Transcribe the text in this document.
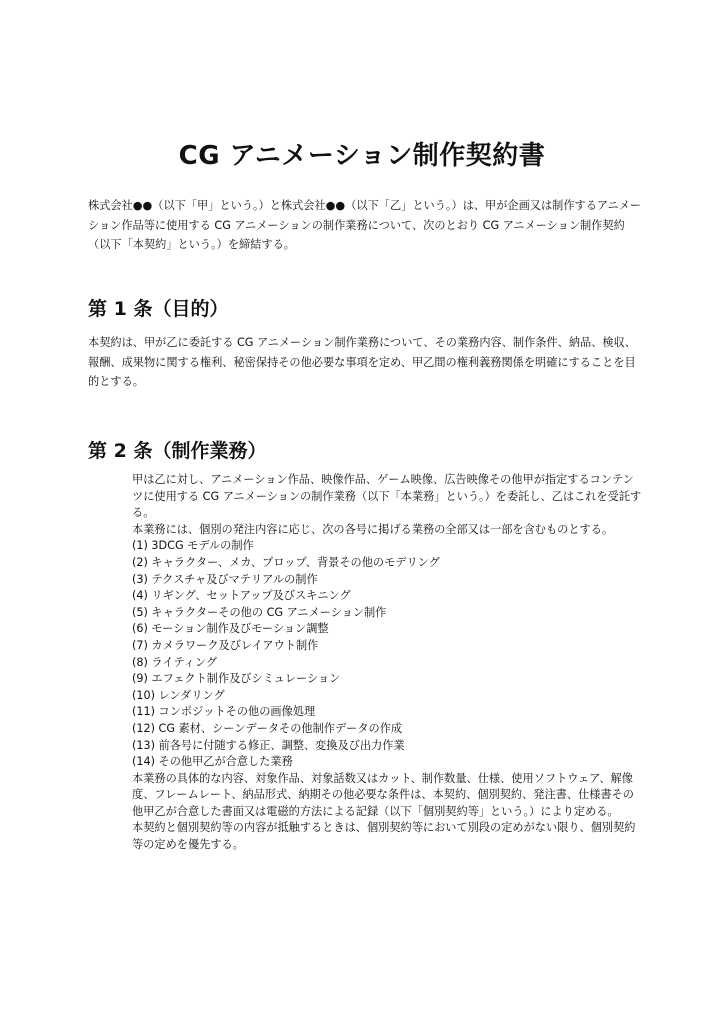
CG アニメーション制作契約書

株式会社●●（以下「甲」という。）と株式会社●●（以下「乙」という。）は、甲が企画又は制作するアニメーション作品等に使用する CG アニメーションの制作業務について、次のとおり CG アニメーション制作契約（以下「本契約」という。）を締結する。

第 1 条（目的）

本契約は、甲が乙に委託する CG アニメーション制作業務について、その業務内容、制作条件、納品、検収、報酬、成果物に関する権利、秘密保持その他必要な事項を定め、甲乙間の権利義務関係を明確にすることを目的とする。

第 2 条（制作業務）

甲は乙に対し、アニメーション作品、映像作品、ゲーム映像、広告映像その他甲が指定するコンテンツに使用する CG アニメーションの制作業務（以下「本業務」という。）を委託し、乙はこれを受託する。

本業務には、個別の発注内容に応じ、次の各号に掲げる業務の全部又は一部を含むものとする。

(1) 3DCG モデルの制作
(2) キャラクター、メカ、プロップ、背景その他のモデリング
(3) テクスチャ及びマテリアルの制作
(4) リギング、セットアップ及びスキニング
(5) キャラクターその他の CG アニメーション制作
(6) モーション制作及びモーション調整
(7) カメラワーク及びレイアウト制作
(8) ライティング
(9) エフェクト制作及びシミュレーション
(10) レンダリング
(11) コンポジットその他の画像処理
(12) CG 素材、シーンデータその他制作データの作成
(13) 前各号に付随する修正、調整、変換及び出力作業
(14) その他甲乙が合意した業務

本業務の具体的な内容、対象作品、対象話数又はカット、制作数量、仕様、使用ソフトウェア、解像度、フレームレート、納品形式、納期その他必要な条件は、本契約、個別契約、発注書、仕様書その他甲乙が合意した書面又は電磁的方法による記録（以下「個別契約等」という。）により定める。

本契約と個別契約等の内容が抵触するときは、個別契約等において別段の定めがない限り、個別契約等の定めを優先する。
